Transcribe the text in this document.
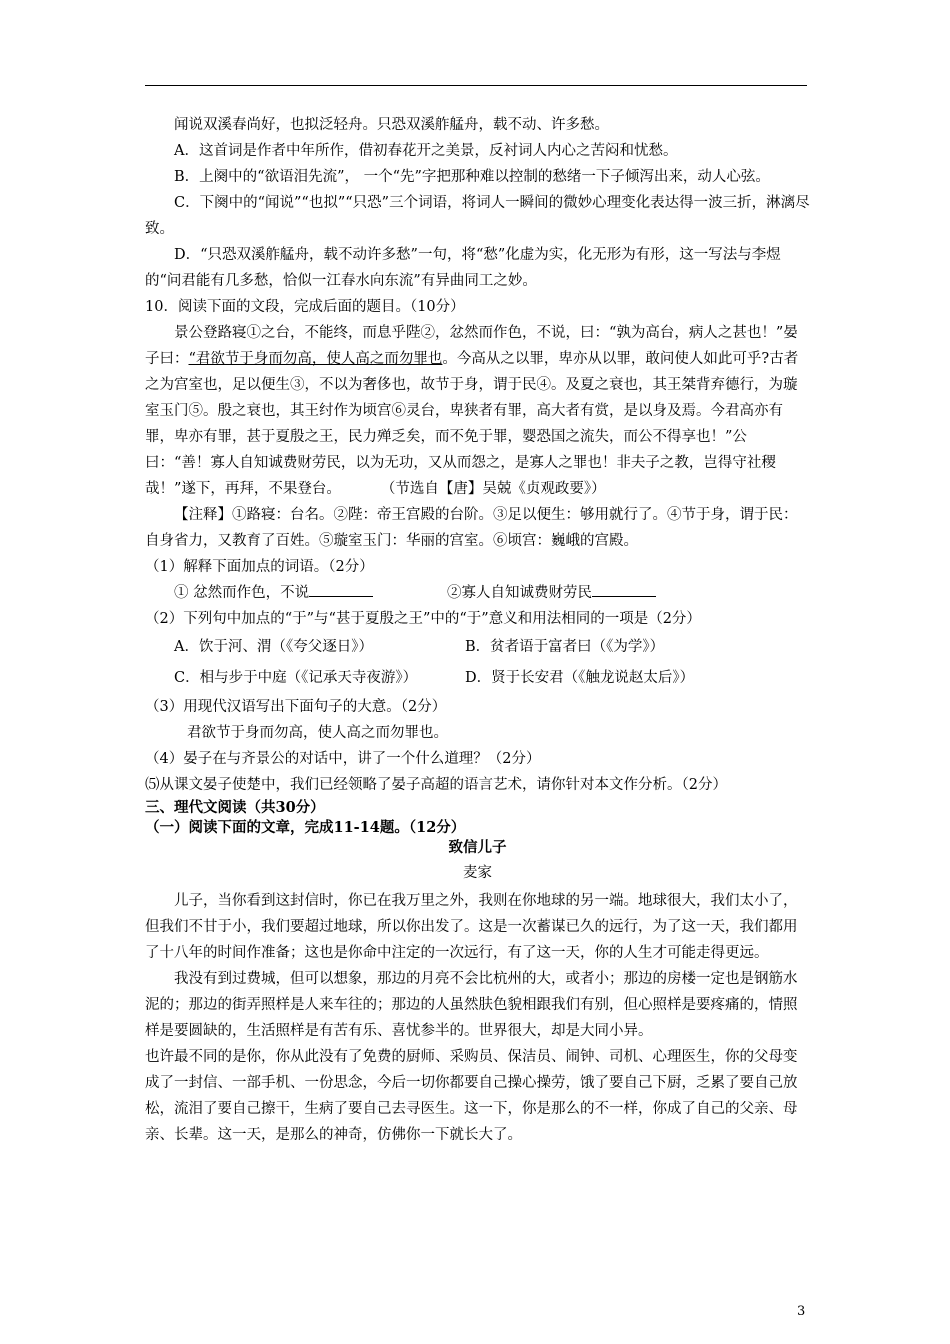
闻说双溪春尚好，也拟泛轻舟。只恐双溪舴艋舟，载不动、许多愁。

A．这首词是作者中年所作，借初春花开之美景，反衬词人内心之苦闷和忧愁。

B．上阕中的“欲语泪先流”， 一个“先”字把那种难以控制的愁绪一下子倾泻出来，动人心弦。

C．下阕中的“闻说”“也拟”“只恐”三个词语，将词人一瞬间的微妙心理变化表达得一波三折，淋漓尽致。

D．“只恐双溪舴艋舟，载不动许多愁”一句，将“愁”化虚为实，化无形为有形，这一写法与李煜的“问君能有几多愁，恰似一江春水向东流”有异曲同工之妙。

10．阅读下面的文段，完成后面的题目。（10分）

景公登路寝①之台，不能终，而息乎陛②，忿然而作色，不说，曰：“孰为高台，病人之甚也！”晏子曰：“君欲节于身而勿高，使人高之而勿罪也。今高从之以罪，卑亦从以罪，敢问使人如此可乎?古者之为宫室也，足以便生③，不以为奢侈也，故节于身，谓于民④。及夏之衰也，其王桀背弃德行，为璇室玉门⑤。殷之衰也，其王纣作为顷宫⑥灵台，卑狭者有罪，高大者有赏，是以身及焉。今君高亦有罪，卑亦有罪，甚于夏殷之王，民力殚乏矣，而不免于罪，婴恐国之流失，而公不得享也！”公曰：“善！寡人自知诚费财劳民，以为无功，又从而怨之，是寡人之罪也！非夫子之教，岂得守社稷哉！”遂下，再拜，不果登台。	（节选自【唐】吴兢《贞观政要》）

【注释】①路寝：台名。②陛：帝王宫殿的台阶。③足以便生：够用就行了。④节于身，谓于民：自身省力，又教育了百姓。⑤璇室玉门：华丽的宫室。⑥顷宫：巍峨的宫殿。

（1）解释下面加点的词语。（2分）

① 忿然而作色，不说	②寡人自知诚费财劳民

（2）下列句中加点的“于”与“甚于夏殷之王”中的“于”意义和用法相同的一项是（2分）

A．饮于河、渭（《夸父逐日》）	B．贫者语于富者曰（《为学》）

C．相与步于中庭（《记承天寺夜游》）	D．贤于长安君（《触龙说赵太后》）

（3）用现代汉语写出下面句子的大意。（2分）

君欲节于身而勿高，使人高之而勿罪也。

（4）晏子在与齐景公的对话中，讲了一个什么道理？（2分）

⑸从课文晏子使楚中，我们已经领略了晏子高超的语言艺术，请你针对本文作分析。（2分）

三、理代文阅读（共30分）

（一）阅读下面的文章，完成11-14题。（12分）

致信儿子

麦家

儿子，当你看到这封信时，你已在我万里之外，我则在你地球的另一端。地球很大，我们太小了，但我们不甘于小，我们要超过地球，所以你出发了。这是一次蓄谋已久的远行，为了这一天，我们都用了十八年的时间作准备；这也是你命中注定的一次远行，有了这一天，你的人生才可能走得更远。

我没有到过费城，但可以想象，那边的月亮不会比杭州的大，或者小；那边的房楼一定也是钢筋水泥的；那边的街弄照样是人来车往的；那边的人虽然肤色貌相跟我们有别，但心照样是要疼痛的，情照样是要圆缺的，生活照样是有苦有乐、喜忧参半的。世界很大，却是大同小异。

也许最不同的是你，你从此没有了免费的厨师、采购员、保洁员、闹钟、司机、心理医生，你的父母变成了一封信、一部手机、一份思念，今后一切你都要自己操心操劳，饿了要自己下厨，乏累了要自己放松，流泪了要自己擦干，生病了要自己去寻医生。这一下，你是那么的不一样，你成了自己的父亲、母亲、长辈。这一天，是那么的神奇，仿佛你一下就长大了。

3
